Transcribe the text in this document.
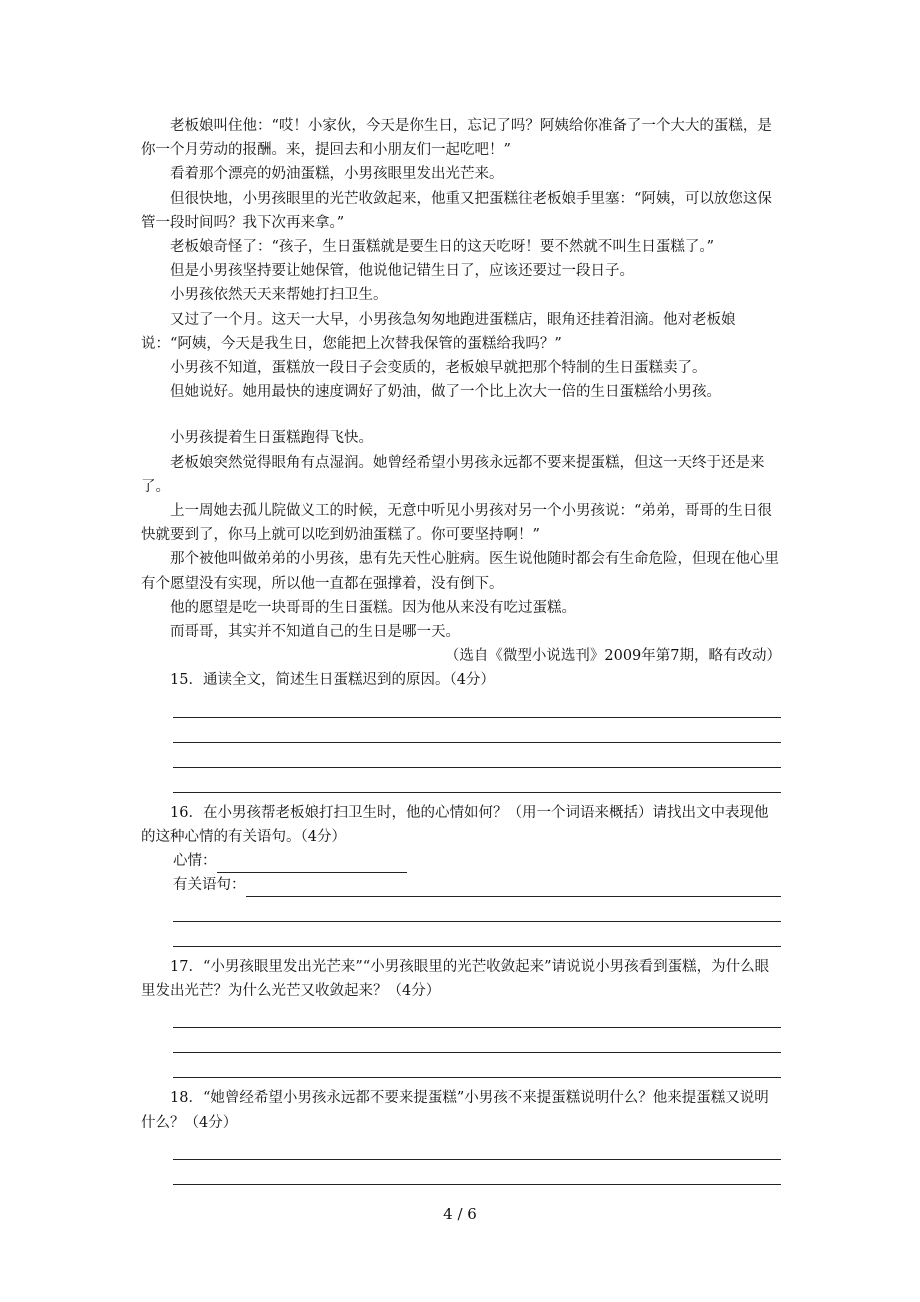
老板娘叫住他：“哎！小家伙，今天是你生日，忘记了吗？阿姨给你准备了一个大大的蛋糕，是你一个月劳动的报酬。来，提回去和小朋友们一起吃吧！”

看着那个漂亮的奶油蛋糕，小男孩眼里发出光芒来。

但很快地，小男孩眼里的光芒收敛起来，他重又把蛋糕往老板娘手里塞：“阿姨，可以放您这保管一段时间吗？我下次再来拿。”

老板娘奇怪了：“孩子，生日蛋糕就是要生日的这天吃呀！要不然就不叫生日蛋糕了。”

但是小男孩坚持要让她保管，他说他记错生日了，应该还要过一段日子。

小男孩依然天天来帮她打扫卫生。

又过了一个月。这天一大早，小男孩急匆匆地跑进蛋糕店，眼角还挂着泪滴。他对老板娘说：“阿姨，今天是我生日，您能把上次替我保管的蛋糕给我吗？”

小男孩不知道，蛋糕放一段日子会变质的，老板娘早就把那个特制的生日蛋糕卖了。

但她说好。她用最快的速度调好了奶油，做了一个比上次大一倍的生日蛋糕给小男孩。

小男孩提着生日蛋糕跑得飞快。

老板娘突然觉得眼角有点湿润。她曾经希望小男孩永远都不要来提蛋糕，但这一天终于还是来了。

上一周她去孤儿院做义工的时候，无意中听见小男孩对另一个小男孩说：“弟弟，哥哥的生日很快就要到了，你马上就可以吃到奶油蛋糕了。你可要坚持啊！”

那个被他叫做弟弟的小男孩，患有先天性心脏病。医生说他随时都会有生命危险，但现在他心里有个愿望没有实现，所以他一直都在强撑着，没有倒下。

他的愿望是吃一块哥哥的生日蛋糕。因为他从来没有吃过蛋糕。

而哥哥，其实并不知道自己的生日是哪一天。

（选自《微型小说选刊》2009年第7期，略有改动）

15．通读全文，简述生日蛋糕迟到的原因。（4分）

16．在小男孩帮老板娘打扫卫生时，他的心情如何？（用一个词语来概括）请找出文中表现他的这种心情的有关语句。（4分）

心情：
有关语句：

17．“小男孩眼里发出光芒来”“小男孩眼里的光芒收敛起来”请说说小男孩看到蛋糕，为什么眼里发出光芒？为什么光芒又收敛起来？（4分）

18．“她曾经希望小男孩永远都不要来提蛋糕”小男孩不来提蛋糕说明什么？他来提蛋糕又说明什么？（4分）

4 / 6
